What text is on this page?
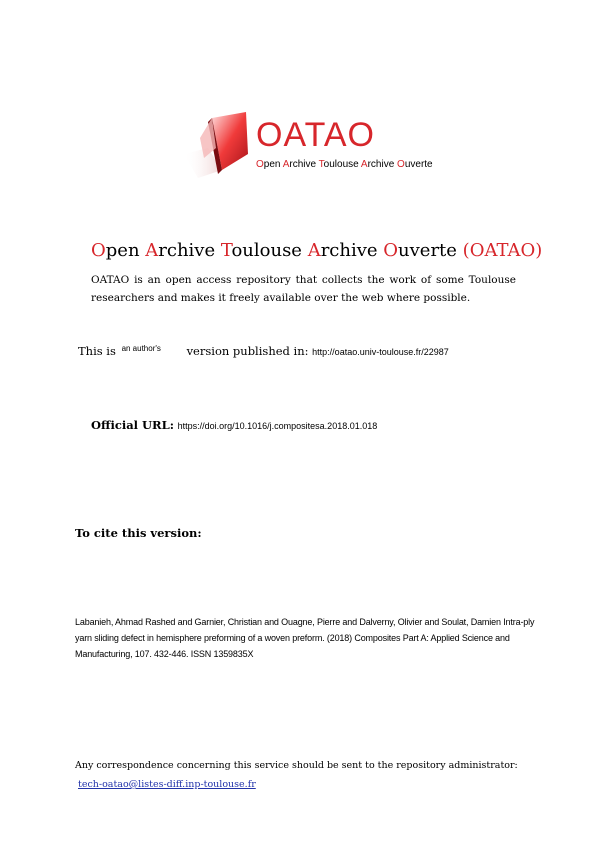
OATAO
Open Archive Toulouse Archive Ouverte
Open Archive Toulouse Archive Ouverte (OATAO)

OATAO is an open access repository that collects the work of some Toulouse

researchers and makes it freely available over the web where possible.

This is $^{an author's}$ version published in: http://oatao.univ-toulouse.fr/22987
Official URL: https://doi.org/10.1016/j.compositesa.2018.01.018
To cite this version:
Labanieh, Ahmad Rashed and Garnier, Christian and Ouagne, Pierre and Dalverny, Olivier and Soulat, Damien Intra-ply yarn sliding defect in hemisphere preforming of a woven preform. (2018) Composites Part A: Applied Science and Manufacturing, 107. 432-446. ISSN 1359835X
Any correspondence concerning this service should be sent to the repository administrator:
tech-oatao@listes-diff.inp-toulouse.fr
